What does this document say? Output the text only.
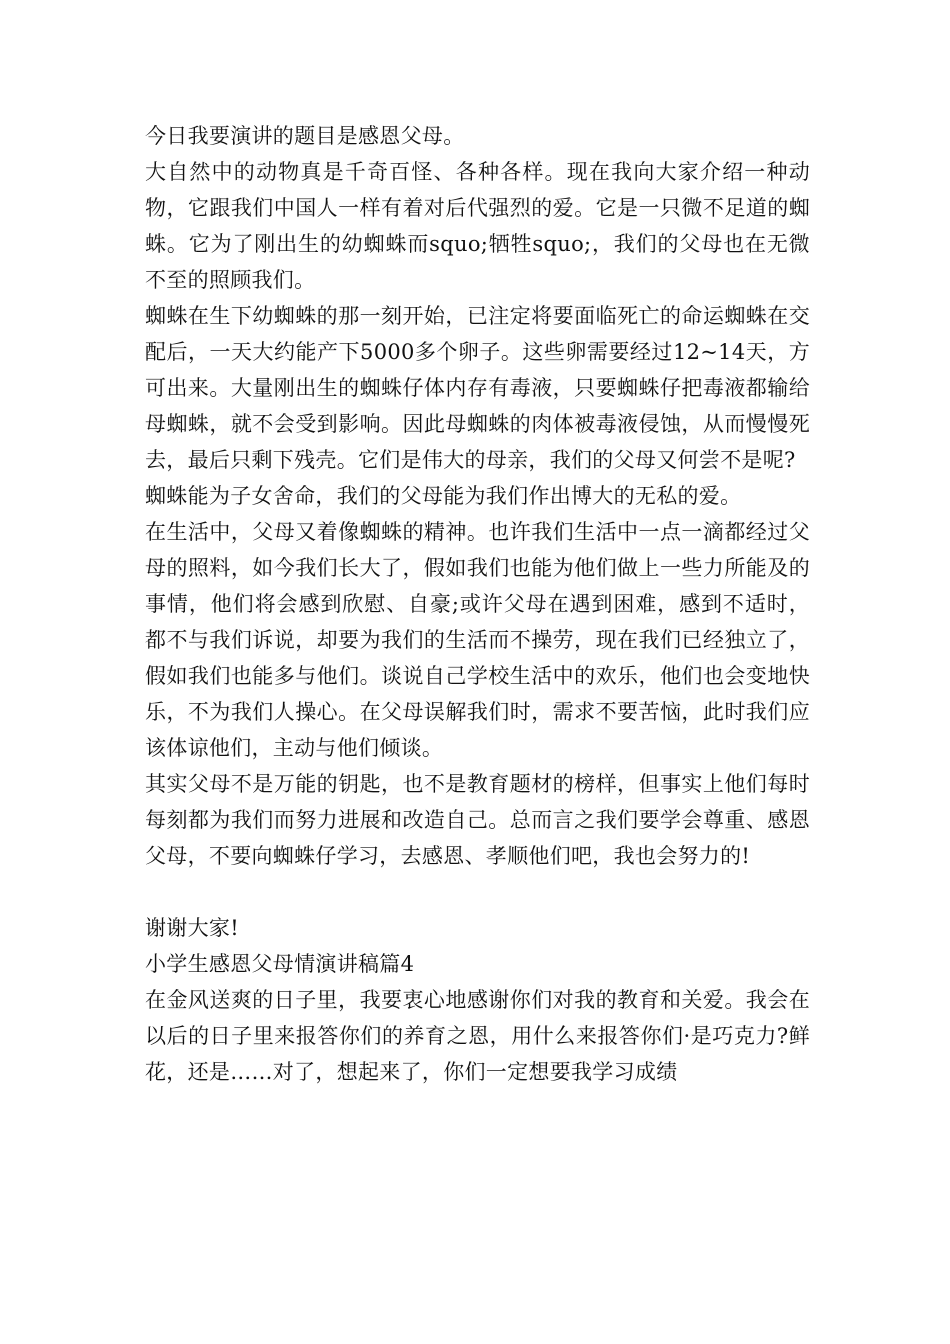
今日我要演讲的题目是感恩父母。

大自然中的动物真是千奇百怪、各种各样。现在我向大家介绍一种动物，它跟我们中国人一样有着对后代强烈的爱。它是一只微不足道的蜘蛛。它为了刚出生的幼蜘蛛而squo;牺牲squo;，我们的父母也在无微不至的照顾我们。

蜘蛛在生下幼蜘蛛的那一刻开始，已注定将要面临死亡的命运蜘蛛在交配后，一天大约能产下5000多个卵子。这些卵需要经过12~14天，方可出来。大量刚出生的蜘蛛仔体内存有毒液，只要蜘蛛仔把毒液都输给母蜘蛛，就不会受到影响。因此母蜘蛛的肉体被毒液侵蚀，从而慢慢死去，最后只剩下残壳。它们是伟大的母亲，我们的父母又何尝不是呢?

蜘蛛能为子女舍命，我们的父母能为我们作出博大的无私的爱。

在生活中，父母又着像蜘蛛的精神。也许我们生活中一点一滴都经过父母的照料，如今我们长大了，假如我们也能为他们做上一些力所能及的事情，他们将会感到欣慰、自豪;或许父母在遇到困难，感到不适时，都不与我们诉说，却要为我们的生活而不操劳，现在我们已经独立了，假如我们也能多与他们。谈说自己学校生活中的欢乐，他们也会变地快乐，不为我们人操心。在父母误解我们时，需求不要苦恼，此时我们应该体谅他们，主动与他们倾谈。

其实父母不是万能的钥匙，也不是教育题材的榜样，但事实上他们每时每刻都为我们而努力进展和改造自己。总而言之我们要学会尊重、感恩父母，不要向蜘蛛仔学习，去感恩、孝顺他们吧，我也会努力的!

谢谢大家!

小学生感恩父母情演讲稿篇4

在金风送爽的日子里，我要衷心地感谢你们对我的教育和关爱。我会在以后的日子里来报答你们的养育之恩，用什么来报答你们·是巧克力?鲜花，还是……对了，想起来了，你们一定想要我学习成绩
